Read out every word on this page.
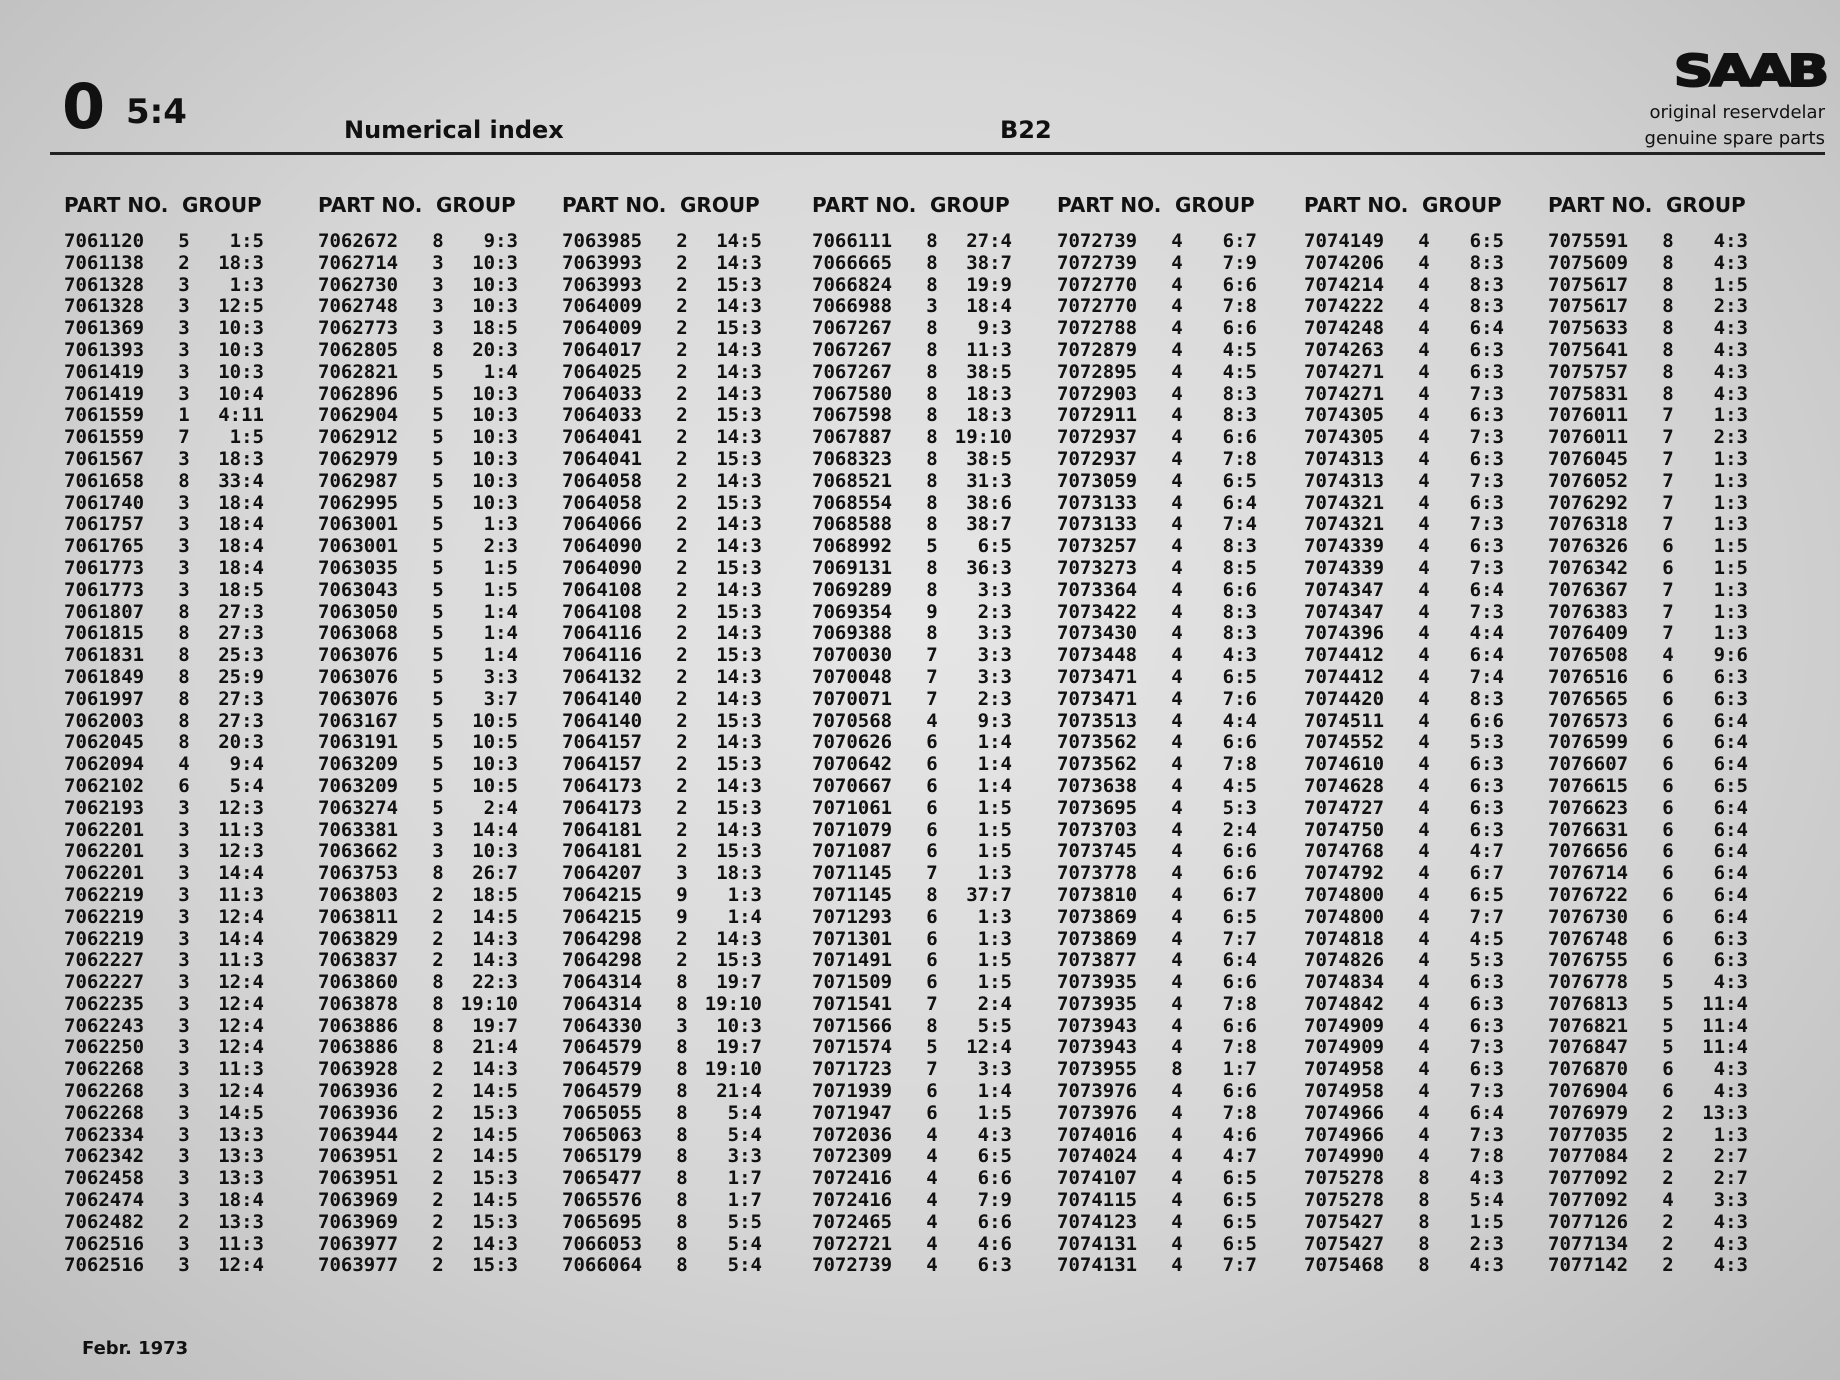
0 5:4	Numerical index	B22
SAAB
original reservdelar
genuine spare parts
PART NO. GROUP
7061120 5 1:5
7061138 2 18:3
7061328 3 1:3
7061328 3 12:5
7061369 3 10:3
7061393 3 10:3
7061419 3 10:3
7061419 3 10:4
7061559 1 4:11
7061559 7 1:5
7061567 3 18:3
7061658 8 33:4
7061740 3 18:4
7061757 3 18:4
7061765 3 18:4
7061773 3 18:4
7061773 3 18:5
7061807 8 27:3
7061815 8 27:3
7061831 8 25:3
7061849 8 25:9
7061997 8 27:3
7062003 8 27:3
7062045 8 20:3
7062094 4 9:4
7062102 6 5:4
7062193 3 12:3
7062201 3 11:3
7062201 3 12:3
7062201 3 14:4
7062219 3 11:3
7062219 3 12:4
7062219 3 14:4
7062227 3 11:3
7062227 3 12:4
7062235 3 12:4
7062243 3 12:4
7062250 3 12:4
7062268 3 11:3
7062268 3 12:4
7062268 3 14:5
7062334 3 13:3
7062342 3 13:3
7062458 3 13:3
7062474 3 18:4
7062482 2 13:3
7062516 3 11:3
7062516 3 12:4
PART NO. GROUP
7062672 8 9:3
7062714 3 10:3
7062730 3 10:3
7062748 3 10:3
7062773 3 18:5
7062805 8 20:3
7062821 5 1:4
7062896 5 10:3
7062904 5 10:3
7062912 5 10:3
7062979 5 10:3
7062987 5 10:3
7062995 5 10:3
7063001 5 1:3
7063001 5 2:3
7063035 5 1:5
7063043 5 1:5
7063050 5 1:4
7063068 5 1:4
7063076 5 1:4
7063076 5 3:3
7063076 5 3:7
7063167 5 10:5
7063191 5 10:5
7063209 5 10:3
7063209 5 10:5
7063274 5 2:4
7063381 3 14:4
7063662 3 10:3
7063753 8 26:7
7063803 2 18:5
7063811 2 14:5
7063829 2 14:3
7063837 2 14:3
7063860 8 22:3
7063878 8 19:10
7063886 8 19:7
7063886 8 21:4
7063928 2 14:3
7063936 2 14:5
7063936 2 15:3
7063944 2 14:5
7063951 2 14:5
7063951 2 15:3
7063969 2 14:5
7063969 2 15:3
7063977 2 14:3
7063977 2 15:3
PART NO. GROUP
7063985 2 14:5
7063993 2 14:3
7063993 2 15:3
7064009 2 14:3
7064009 2 15:3
7064017 2 14:3
7064025 2 14:3
7064033 2 14:3
7064033 2 15:3
7064041 2 14:3
7064041 2 15:3
7064058 2 14:3
7064058 2 15:3
7064066 2 14:3
7064090 2 14:3
7064090 2 15:3
7064108 2 14:3
7064108 2 15:3
7064116 2 14:3
7064116 2 15:3
7064132 2 14:3
7064140 2 14:3
7064140 2 15:3
7064157 2 14:3
7064157 2 15:3
7064173 2 14:3
7064173 2 15:3
7064181 2 14:3
7064181 2 15:3
7064207 3 18:3
7064215 9 1:3
7064215 9 1:4
7064298 2 14:3
7064298 2 15:3
7064314 8 19:7
7064314 8 19:10
7064330 3 10:3
7064579 8 19:7
7064579 8 19:10
7064579 8 21:4
7065055 8 5:4
7065063 8 5:4
7065179 8 3:3
7065477 8 1:7
7065576 8 1:7
7065695 8 5:5
7066053 8 5:4
7066064 8 5:4
PART NO. GROUP
7066111 8 27:4
7066665 8 38:7
7066824 8 19:9
7066988 3 18:4
7067267 8 9:3
7067267 8 11:3
7067267 8 38:5
7067580 8 18:3
7067598 8 18:3
7067887 8 19:10
7068323 8 38:5
7068521 8 31:3
7068554 8 38:6
7068588 8 38:7
7068992 5 6:5
7069131 8 36:3
7069289 8 3:3
7069354 9 2:3
7069388 8 3:3
7070030 7 3:3
7070048 7 3:3
7070071 7 2:3
7070568 4 9:3
7070626 6 1:4
7070642 6 1:4
7070667 6 1:4
7071061 6 1:5
7071079 6 1:5
7071087 6 1:5
7071145 7 1:3
7071145 8 37:7
7071293 6 1:3
7071301 6 1:3
7071491 6 1:5
7071509 6 1:5
7071541 7 2:4
7071566 8 5:5
7071574 5 12:4
7071723 7 3:3
7071939 6 1:4
7071947 6 1:5
7072036 4 4:3
7072309 4 6:5
7072416 4 6:6
7072416 4 7:9
7072465 4 6:6
7072721 4 4:6
7072739 4 6:3
PART NO. GROUP
7072739 4 6:7
7072739 4 7:9
7072770 4 6:6
7072770 4 7:8
7072788 4 6:6
7072879 4 4:5
7072895 4 4:5
7072903 4 8:3
7072911 4 8:3
7072937 4 6:6
7072937 4 7:8
7073059 4 6:5
7073133 4 6:4
7073133 4 7:4
7073257 4 8:3
7073273 4 8:5
7073364 4 6:6
7073422 4 8:3
7073430 4 8:3
7073448 4 4:3
7073471 4 6:5
7073471 4 7:6
7073513 4 4:4
7073562 4 6:6
7073562 4 7:8
7073638 4 4:5
7073695 4 5:3
7073703 4 2:4
7073745 4 6:6
7073778 4 6:6
7073810 4 6:7
7073869 4 6:5
7073869 4 7:7
7073877 4 6:4
7073935 4 6:6
7073935 4 7:8
7073943 4 6:6
7073943 4 7:8
7073955 8 1:7
7073976 4 6:6
7073976 4 7:8
7074016 4 4:6
7074024 4 4:7
7074107 4 6:5
7074115 4 6:5
7074123 4 6:5
7074131 4 6:5
7074131 4 7:7
PART NO. GROUP
7074149 4 6:5
7074206 4 8:3
7074214 4 8:3
7074222 4 8:3
7074248 4 6:4
7074263 4 6:3
7074271 4 6:3
7074271 4 7:3
7074305 4 6:3
7074305 4 7:3
7074313 4 6:3
7074313 4 7:3
7074321 4 6:3
7074321 4 7:3
7074339 4 6:3
7074339 4 7:3
7074347 4 6:4
7074347 4 7:3
7074396 4 4:4
7074412 4 6:4
7074412 4 7:4
7074420 4 8:3
7074511 4 6:6
7074552 4 5:3
7074610 4 6:3
7074628 4 6:3
7074727 4 6:3
7074750 4 6:3
7074768 4 4:7
7074792 4 6:7
7074800 4 6:5
7074800 4 7:7
7074818 4 4:5
7074826 4 5:3
7074834 4 6:3
7074842 4 6:3
7074909 4 6:3
7074909 4 7:3
7074958 4 6:3
7074958 4 7:3
7074966 4 6:4
7074966 4 7:3
7074990 4 7:8
7075278 8 4:3
7075278 8 5:4
7075427 8 1:5
7075427 8 2:3
7075468 8 4:3
PART NO. GROUP
7075591 8 4:3
7075609 8 4:3
7075617 8 1:5
7075617 8 2:3
7075633 8 4:3
7075641 8 4:3
7075757 8 4:3
7075831 8 4:3
7076011 7 1:3
7076011 7 2:3
7076045 7 1:3
7076052 7 1:3
7076292 7 1:3
7076318 7 1:3
7076326 6 1:5
7076342 6 1:5
7076367 7 1:3
7076383 7 1:3
7076409 7 1:3
7076508 4 9:6
7076516 6 6:3
7076565 6 6:3
7076573 6 6:4
7076599 6 6:4
7076607 6 6:4
7076615 6 6:5
7076623 6 6:4
7076631 6 6:4
7076656 6 6:4
7076714 6 6:4
7076722 6 6:4
7076730 6 6:4
7076748 6 6:3
7076755 6 6:3
7076778 5 4:3
7076813 5 11:4
7076821 5 11:4
7076847 5 11:4
7076870 6 4:3
7076904 6 4:3
7076979 2 13:3
7077035 2 1:3
7077084 2 2:7
7077092 2 2:7
7077092 4 3:3
7077126 2 4:3
7077134 2 4:3
7077142 2 4:3
Febr. 1973
